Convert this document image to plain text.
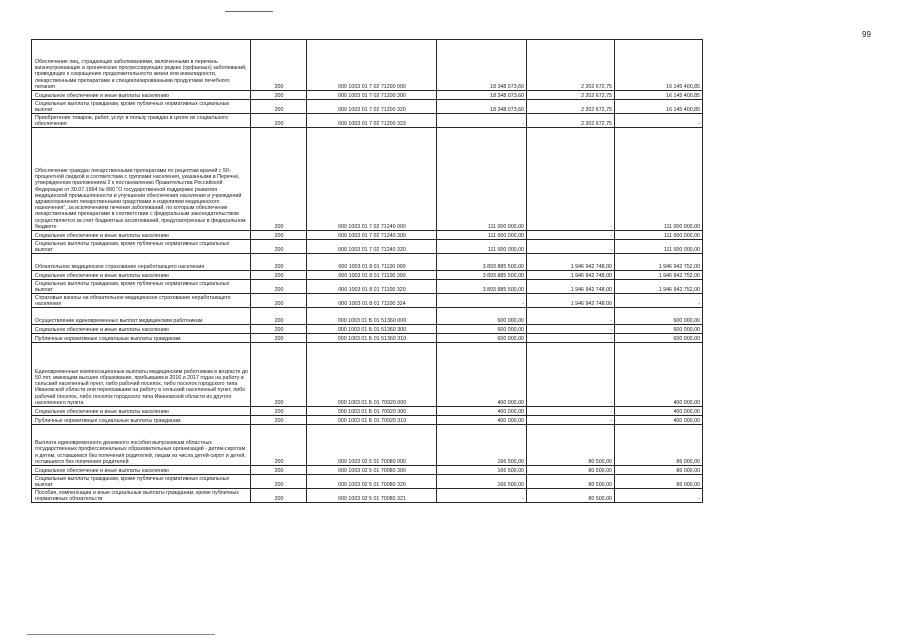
99
Обеспечение лиц, страдающих заболеваниями, включенными в перечень жизнеугрожающих и хронических прогрессирующих редких (орфанных) заболеваний, приводящих к сокращению продолжительности жизни или инвалидности, лекарственными препаратами и специализированными продуктами лечебного питания	200	000 1003 01 7 02 71200 000	18 348 073,60	2 202 672,75	16 145 400,85
Социальное обеспечение и иные выплаты населению	200	000 1003 01 7 02 71200 300	18 348 073,60	2 202 672,75	16 145 400,85
Социальные выплаты гражданам, кроме публичных нормативных социальных выплат	200	000 1003 01 7 02 71200 320	18 348 073,60	2 202 672,75	16 145 400,85
Приобретение товаров, работ, услуг в пользу граждан в целях их социального обеспечения	200	000 1003 01 7 02 71200 323	-	2 202 672,75	-
Обеспечение граждан лекарственными препаратами по рецептам врачей с 50-процентной скидкой в соответствии с группами населения, указанными в Перечне, утвержденном приложением 2 к постановлению Правительства Российской Федерации от 30.07.1994 № 890 "О государственной поддержке развития медицинской промышленности и улучшении обеспечения населения и учреждений здравоохранения лекарственными средствами и изделиями медицинского назначения", за исключением лечения заболеваний, по которым обеспечение лекарственными препаратами в соответствии с федеральным законодательством осуществляется за счет бюджетных ассигнований, предусмотренных в федеральном бюджете	200	000 1003 01 7 02 71240 000	111 000 000,00	-	111 000 000,00
Социальное обеспечение и иные выплаты населению	200	000 1003 01 7 02 71240 300	111 000 000,00	-	111 000 000,00
Социальные выплаты гражданам, кроме публичных нормативных социальных выплат	200	000 1003 01 7 02 71240 320	111 000 000,00	-	111 000 000,00
Обязательное медицинское страхование неработающего населения	200	000 1003 01 8 01 71100 000	3 893 885 500,00	1 946 942 748,00	1 946 942 752,00
Социальное обеспечение и иные выплаты населению	200	000 1003 01 8 01 71100 300	3 893 885 500,00	1 946 942 748,00	1 946 942 752,00
Социальные выплаты гражданам, кроме публичных нормативных социальных выплат	200	000 1003 01 8 01 71100 320	3 893 885 500,00	1 946 942 748,00	1 946 942 752,00
Страховые взносы на обязательное медицинское страхование неработающего населения	200	000 1003 01 8 01 71100 324	-	1 946 942 748,00	-
Осуществление единовременных выплат медицинским работникам	200	000 1003 01 Б 01 51360 000	600 000,00	-	600 000,00
Социальное обеспечение и иные выплаты населению	200	000 1003 01 Б 01 51360 300	600 000,00	-	600 000,00
Публичные нормативные социальные выплаты гражданам	200	000 1003 01 Б 01 51360 310	600 000,00	-	600 000,00
Единовременные компенсационные выплаты медицинским работникам в возрасте до 50 лет, имеющим высшее образование, прибывшим в 2016 и 2017 годах на работу в сельский населенный пункт, либо рабочий поселок, либо поселок городского типа Ивановской области или переехавшим на работу в сельский населенный пункт, либо рабочий поселок, либо поселок городского типа Ивановской области из другого населенного пункта	200	000 1003 01 Б 01 70920 000	400 000,00	-	400 000,00
Социальное обеспечение и иные выплаты населению	200	000 1003 01 Б 01 70920 300	400 000,00	-	400 000,00
Публичные нормативные социальные выплаты гражданам	200	000 1003 01 Б 01 70920 310	400 000,00	-	400 000,00
Выплата единовременного денежного пособия выпускникам областных государственных профессиональных образовательных организаций - детям-сиротам и детям, оставшимся без попечения родителей, лицам из числа детей-сирот и детей, оставшихся без попечения родителей	200	000 1003 02 5 01 70080 000	166 500,00	80 500,00	86 000,00
Социальное обеспечение и иные выплаты населению	200	000 1003 02 5 01 70080 300	166 500,00	80 500,00	86 000,00
Социальные выплаты гражданам, кроме публичных нормативных социальных выплат	200	000 1003 02 5 01 70080 320	166 500,00	80 500,00	86 000,00
Пособия, компенсации и иные социальные выплаты гражданам, кроме публичных нормативных обязательств	200	000 1003 02 5 01 70080 321	-	80 500,00	-
